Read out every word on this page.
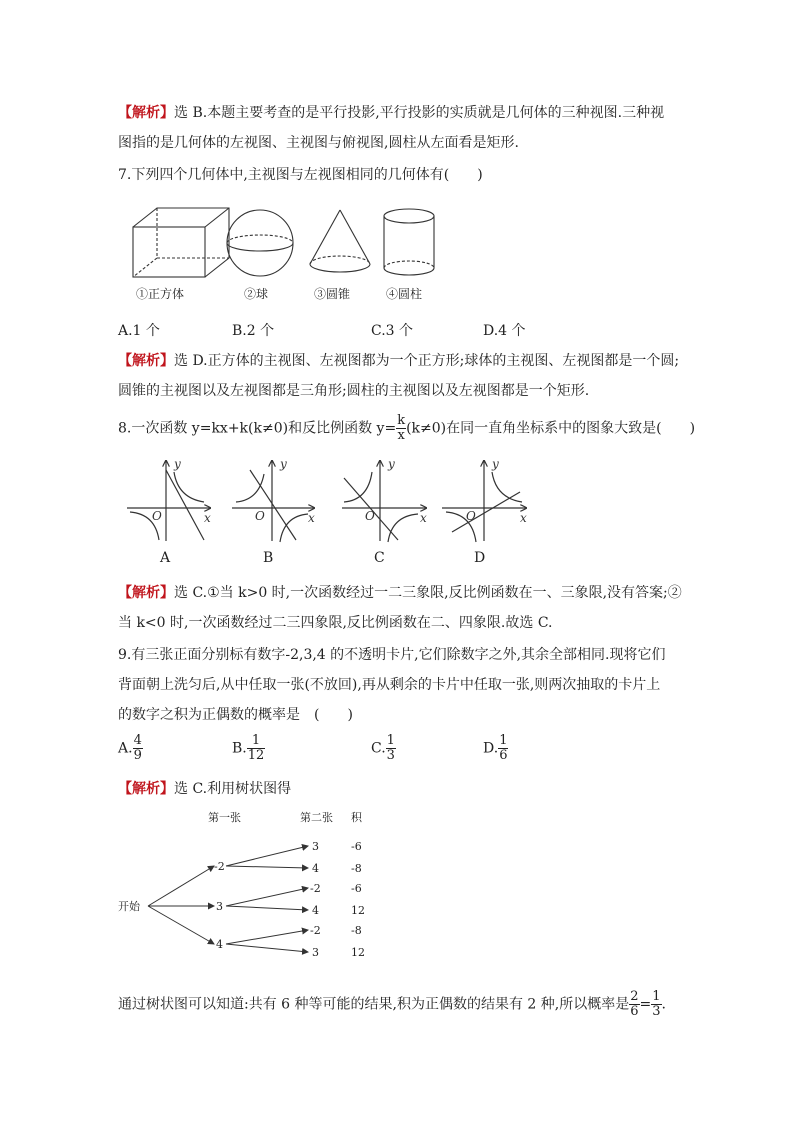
【解析】选 B.本题主要考查的是平行投影,平行投影的实质就是几何体的三种视图.三种视
图指的是几何体的左视图、主视图与俯视图,圆柱从左面看是矩形.
7.下列四个几何体中,主视图与左视图相同的几何体有(　　)
①正方体	②球	③圆锥	④圆柱
A.1 个	B.2 个	C.3 个	D.4 个
【解析】选 D.正方体的主视图、左视图都为一个正方形;球体的主视图、左视图都是一个圆;
圆锥的主视图以及左视图都是三角形;圆柱的主视图以及左视图都是一个矩形.
8.一次函数 y=kx+k(k≠0)和反比例函数 $y= \frac{k}{x} (k\ne 0)$在同一直角坐标系中的图象大致是(　　)
y
x
O
A
y
x
O
B
y
x
O
C
y
x
O
D
【解析】选 C.①当 k>0 时,一次函数经过一二三象限,反比例函数在一、三象限,没有答案;②
当 k<0 时,一次函数经过二三四象限,反比例函数在二、四象限.故选 C.
9.有三张正面分别标有数字-2,3,4 的不透明卡片,它们除数字之外,其余全部相同.现将它们
背面朝上洗匀后,从中任取一张(不放回),再从剩余的卡片中任取一张,则两次抽取的卡片上
的数字之积为正偶数的概率是　(　　)
A. $\frac{4}{9}$	B. $\frac{1}{12}$	C. $\frac{1}{3}$	D. $\frac{1}{6}$
【解析】选 C.利用树状图得
第一张	第二张 积
开始
-2
3
4
3
4
-2
4
-2
3
-6
-8
-6
12
-8
12
通过树状图可以知道:共有 6 种等可能的结果,积为正偶数的结果有 2 种,所以概率是 $\frac{2}{6} = \frac{1}{3}$ .
